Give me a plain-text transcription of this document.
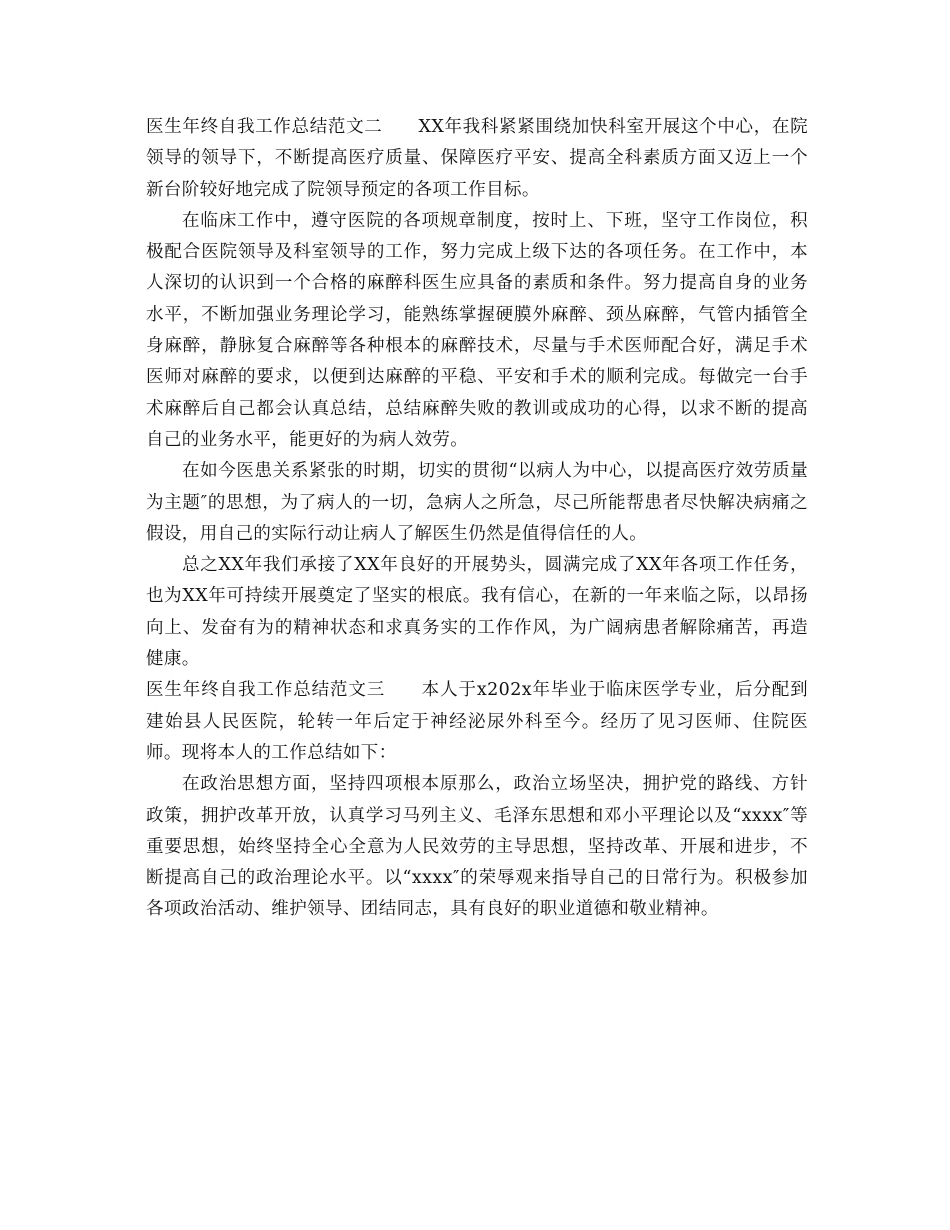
医生年终自我工作总结范文二 XX年我科紧紧围绕加快科室开展这个中心，在院领导的领导下，不断提高医疗质量、保障医疗平安、提高全科素质方面又迈上一个新台阶较好地完成了院领导预定的各项工作目标。

在临床工作中，遵守医院的各项规章制度，按时上、下班，坚守工作岗位，积极配合医院领导及科室领导的工作，努力完成上级下达的各项任务。在工作中，本人深切的认识到一个合格的麻醉科医生应具备的素质和条件。努力提高自身的业务水平，不断加强业务理论学习，能熟练掌握硬膜外麻醉、颈丛麻醉，气管内插管全身麻醉，静脉复合麻醉等各种根本的麻醉技术，尽量与手术医师配合好，满足手术医师对麻醉的要求，以便到达麻醉的平稳、平安和手术的顺利完成。每做完一台手术麻醉后自己都会认真总结，总结麻醉失败的教训或成功的心得，以求不断的提高自己的业务水平，能更好的为病人效劳。

在如今医患关系紧张的时期，切实的贯彻“以病人为中心，以提高医疗效劳质量为主题″的思想，为了病人的一切，急病人之所急，尽己所能帮患者尽快解决病痛之假设，用自己的实际行动让病人了解医生仍然是值得信任的人。

总之XX年我们承接了XX年良好的开展势头，圆满完成了XX年各项工作任务，也为XX年可持续开展奠定了坚实的根底。我有信心，在新的一年来临之际，以昂扬向上、发奋有为的精神状态和求真务实的工作作风，为广阔病患者解除痛苦，再造健康。

医生年终自我工作总结范文三 本人于x202x年毕业于临床医学专业，后分配到建始县人民医院，轮转一年后定于神经泌尿外科至今。经历了见习医师、住院医师。现将本人的工作总结如下：

在政治思想方面，坚持四项根本原那么，政治立场坚决，拥护党的路线、方针政策，拥护改革开放，认真学习马列主义、毛泽东思想和邓小平理论以及“xxxx″等重要思想，始终坚持全心全意为人民效劳的主导思想，坚持改革、开展和进步，不断提高自己的政治理论水平。以“xxxx″的荣辱观来指导自己的日常行为。积极参加各项政治活动、维护领导、团结同志，具有良好的职业道德和敬业精神。
